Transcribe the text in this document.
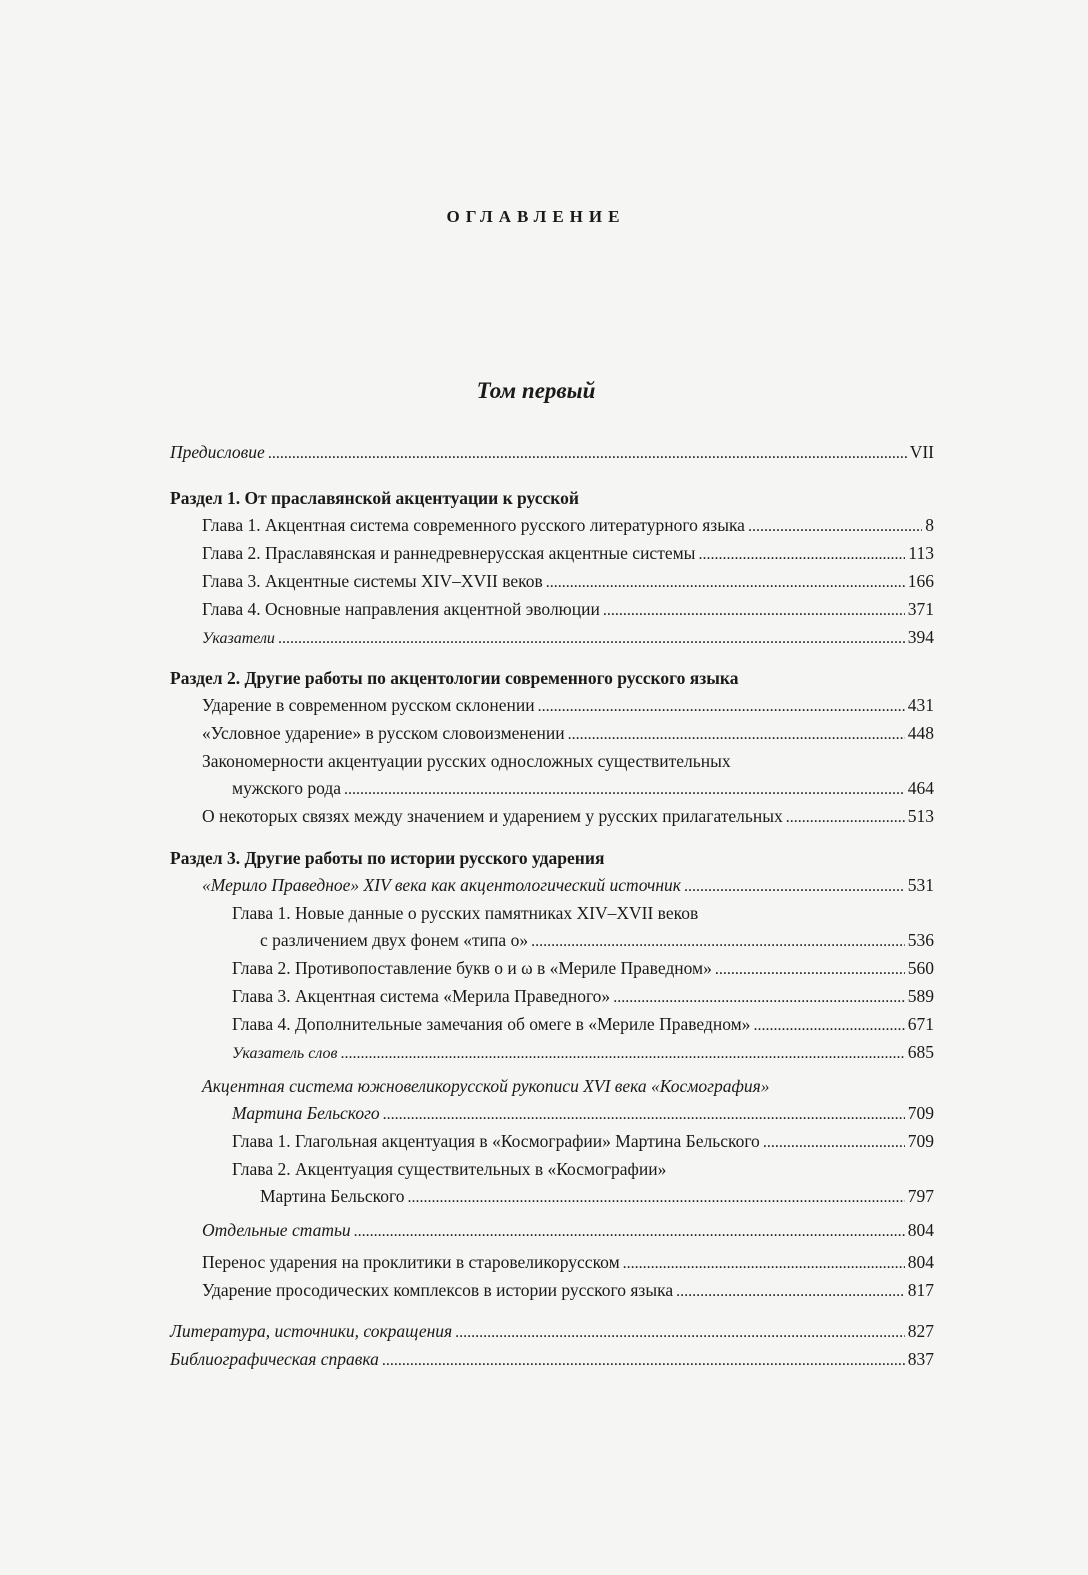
ОГЛАВЛЕНИЕ
Том первый
Предисловие .....	VII
Раздел 1. От праславянской акцентуации к русской
Глава 1. Акцентная система современного русского литературного языка .....	8
Глава 2. Праславянская и раннедревнерусская акцентные системы .....	113
Глава 3. Акцентные системы XIV–XVII веков .....	166
Глава 4. Основные направления акцентной эволюции .....	371
Указатели .....	394
Раздел 2. Другие работы по акцентологии современного русского языка
Ударение в современном русском склонении .....	431
«Условное ударение» в русском словоизменении .....	448
Закономерности акцентуации русских односложных существительных
мужского рода .....	464
О некоторых связях между значением и ударением у русских прилагательных .....	513
Раздел 3. Другие работы по истории русского ударения
«Мерило Праведное» XIV века как акцентологический источник .....	531
Глава 1. Новые данные о русских памятниках XIV–XVII веков
с различением двух фонем «типа о» .....	536
Глава 2. Противопоставление букв о и ω в «Мериле Праведном» .....	560
Глава 3. Акцентная система «Мерила Праведного» .....	589
Глава 4. Дополнительные замечания об омеге в «Мериле Праведном» .....	671
Указатель слов .....	685
Акцентная система южновеликорусской рукописи XVI века «Космография»
Мартина Бельского .....	709
Глава 1. Глагольная акцентуация в «Космографии» Мартина Бельского .....	709
Глава 2. Акцентуация существительных в «Космографии»
Мартина Бельского .....	797
Отдельные статьи .....	804
Перенос ударения на проклитики в старовеликорусском .....	804
Ударение просодических комплексов в истории русского языка .....	817
Литература, источники, сокращения .....	827
Библиографическая справка .....	837
